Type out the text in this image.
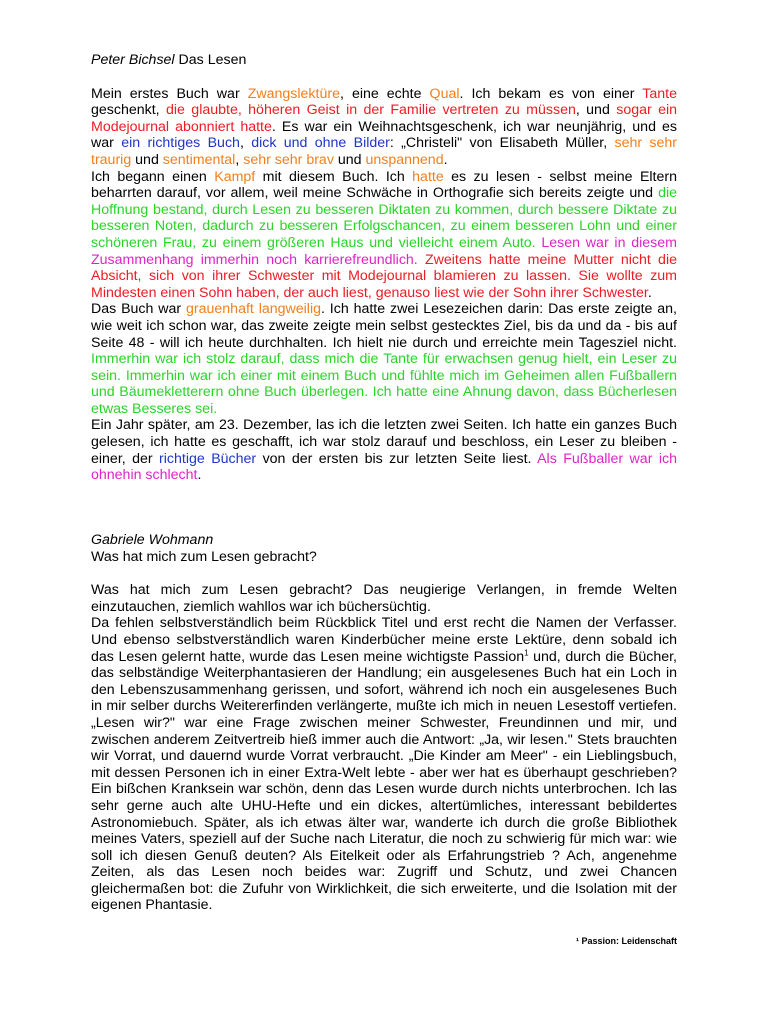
Peter Bichsel Das Lesen

Mein erstes Buch war Zwangslektüre, eine echte Qual. Ich bekam es von einer Tante geschenkt, die glaubte, höheren Geist in der Familie vertreten zu müssen, und sogar ein Modejournal abonniert hatte. Es war ein Weihnachtsgeschenk, ich war neunjährig, und es war ein richtiges Buch, dick und ohne Bilder: „Christeli" von Elisabeth Müller, sehr sehr traurig und sentimental, sehr sehr brav und unspannend.

Ich begann einen Kampf mit diesem Buch. Ich hatte es zu lesen - selbst meine Eltern beharrten darauf, vor allem, weil meine Schwäche in Orthografie sich bereits zeigte und die Hoffnung bestand, durch Lesen zu besseren Diktaten zu kommen, durch bessere Diktate zu besseren Noten, dadurch zu besseren Erfolgschancen, zu einem besseren Lohn und einer schöneren Frau, zu einem größeren Haus und vielleicht einem Auto. Lesen war in diesem Zusammenhang immerhin noch karrierefreundlich. Zweitens hatte meine Mutter nicht die Absicht, sich von ihrer Schwester mit Modejournal blamieren zu lassen. Sie wollte zum Mindesten einen Sohn haben, der auch liest, genauso liest wie der Sohn ihrer Schwester.

Das Buch war grauenhaft langweilig. Ich hatte zwei Lesezeichen darin: Das erste zeigte an, wie weit ich schon war, das zweite zeigte mein selbst gestecktes Ziel, bis da und da - bis auf Seite 48 - will ich heute durchhalten. Ich hielt nie durch und erreichte mein Tagesziel nicht. Immerhin war ich stolz darauf, dass mich die Tante für erwachsen genug hielt, ein Leser zu sein. Immerhin war ich einer mit einem Buch und fühlte mich im Geheimen allen Fußballern und Bäumekletterern ohne Buch überlegen. Ich hatte eine Ahnung davon, dass Bücherlesen etwas Besseres sei.

Ein Jahr später, am 23. Dezember, las ich die letzten zwei Seiten. Ich hatte ein ganzes Buch gelesen, ich hatte es geschafft, ich war stolz darauf und beschloss, ein Leser zu bleiben - einer, der richtige Bücher von der ersten bis zur letzten Seite liest. Als Fußballer war ich ohnehin schlecht.

Gabriele Wohmann

Was hat mich zum Lesen gebracht?

Was hat mich zum Lesen gebracht? Das neugierige Verlangen, in fremde Welten einzutauchen, ziemlich wahllos war ich büchersüchtig.

Da fehlen selbstverständlich beim Rückblick Titel und erst recht die Namen der Verfasser. Und ebenso selbstverständlich waren Kinderbücher meine erste Lektüre, denn sobald ich das Lesen gelernt hatte, wurde das Lesen meine wichtigste Passion$^1$ und, durch die Bücher, das selbständige Weiterphantasieren der Handlung; ein ausgelesenes Buch hat ein Loch in den Lebenszusammenhang gerissen, und sofort, während ich noch ein ausgelesenes Buch in mir selber durchs Weitererfinden verlängerte, mußte ich mich in neuen Lesestoff vertiefen. „Lesen wir?" war eine Frage zwischen meiner Schwester, Freundinnen und mir, und zwischen anderem Zeitvertreib hieß immer auch die Antwort: „Ja, wir lesen." Stets brauchten wir Vorrat, und dauernd wurde Vorrat verbraucht. „Die Kinder am Meer" - ein Lieblingsbuch, mit dessen Personen ich in einer Extra-Welt lebte - aber wer hat es überhaupt geschrieben? Ein bißchen Kranksein war schön, denn das Lesen wurde durch nichts unterbrochen. Ich las sehr gerne auch alte UHU-Hefte und ein dickes, altertümliches, interessant bebildertes Astronomiebuch. Später, als ich etwas älter war, wanderte ich durch die große Bibliothek meines Vaters, speziell auf der Suche nach Literatur, die noch zu schwierig für mich war: wie soll ich diesen Genuß deuten? Als Eitelkeit oder als Erfahrungstrieb ? Ach, angenehme Zeiten, als das Lesen noch beides war: Zugriff und Schutz, und zwei Chancen gleichermaßen bot: die Zufuhr von Wirklichkeit, die sich erweiterte, und die Isolation mit der eigenen Phantasie.

¹ Passion: Leidenschaft
